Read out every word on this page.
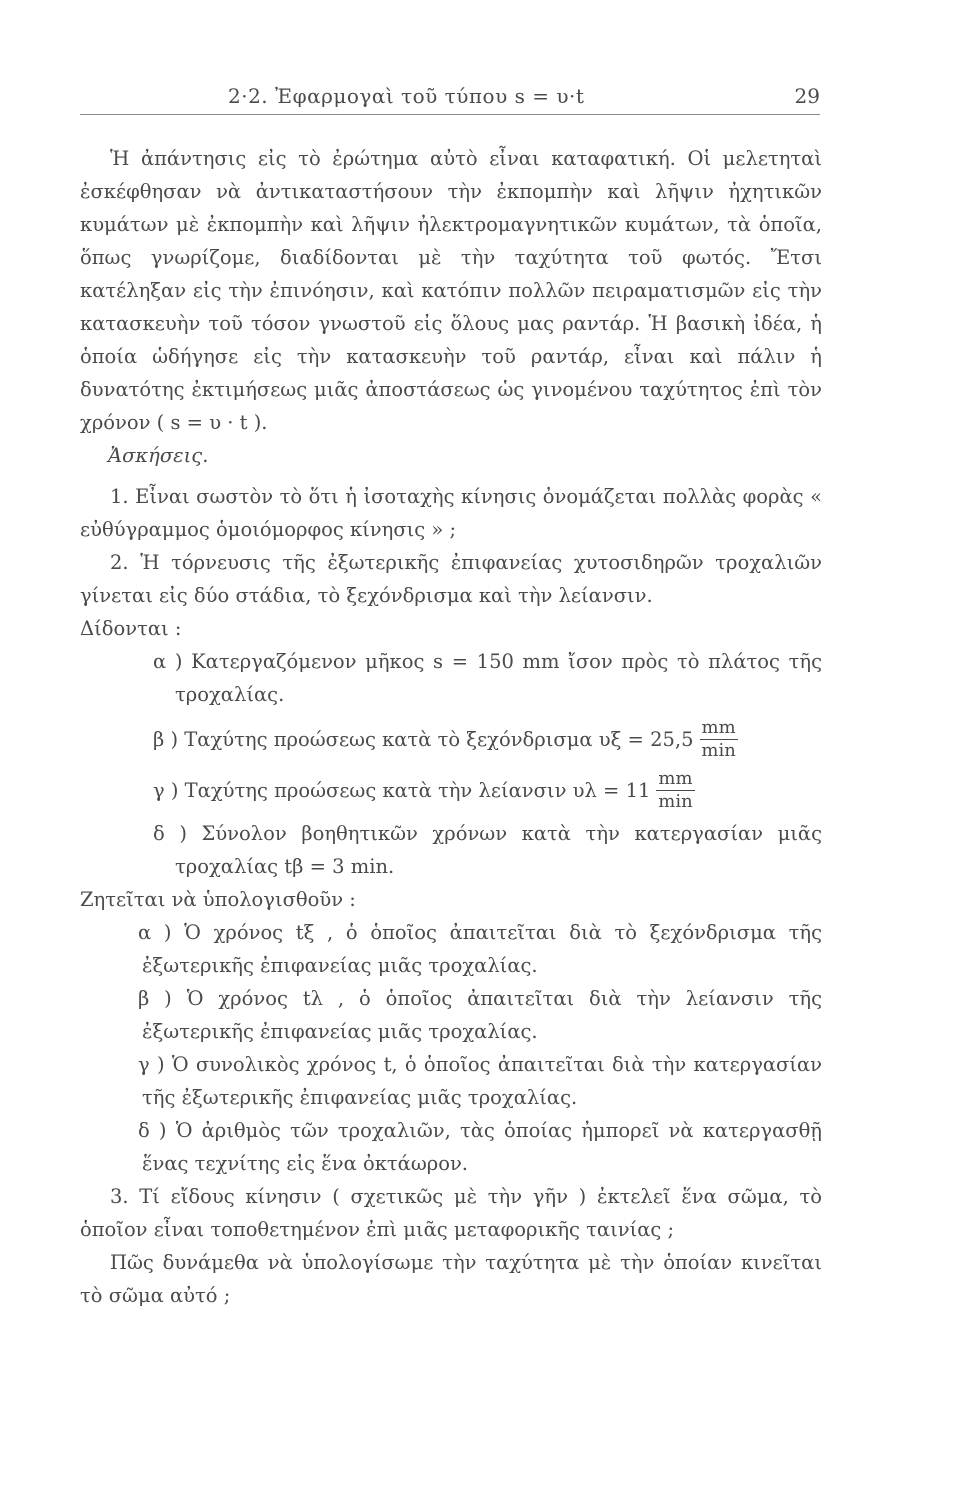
2·2. Ἐφαρμογαὶ τοῦ τύπου s = υ·t	29

Ἡ ἀπάντησις εἰς τὸ ἐρώτημα αὐτὸ εἶναι καταφατική. Οἱ μελετηταὶ ἐσκέφθησαν νὰ ἀντικαταστήσουν τὴν ἐκπομπὴν καὶ λῆψιν ἠχητικῶν κυμάτων μὲ ἐκπομπὴν καὶ λῆψιν ἠλεκτρομαγνητικῶν κυμάτων, τὰ ὁποῖα, ὅπως γνωρίζομε, διαδίδονται μὲ τὴν ταχύτητα τοῦ φωτός. Ἔτσι κατέληξαν εἰς τὴν ἐπινόησιν, καὶ κατόπιν πολλῶν πειραματισμῶν εἰς τὴν κατασκευὴν τοῦ τόσον γνωστοῦ εἰς ὅλους μας ραντάρ. Ἡ βασικὴ ἰδέα, ἡ ὁποία ὡδήγησε εἰς τὴν κατασκευὴν τοῦ ραντάρ, εἶναι καὶ πάλιν ἡ δυνατότης ἐκτιμήσεως μιᾶς ἀποστάσεως ὡς γινομένου ταχύτητος ἐπὶ τὸν χρόνον ( s = υ · t ).

Ἀσκήσεις.

1. Εἶναι σωστὸν τὸ ὅτι ἡ ἰσοταχὴς κίνησις ὀνομάζεται πολλὰς φορὰς « εὐθύγραμμος ὁμοιόμορφος κίνησις » ;

2. Ἡ τόρνευσις τῆς ἐξωτερικῆς ἐπιφανείας χυτοσιδηρῶν τροχαλιῶν γίνεται εἰς δύο στάδια, τὸ ξεχόνδρισμα καὶ τὴν λείανσιν.

Δίδονται :

α ) Κατεργαζόμενον μῆκος s = 150 mm ἴσον πρὸς τὸ πλάτος τῆς τροχαλίας.

β ) Ταχύτης προώσεως κατὰ τὸ ξεχόνδρισμα $\upsilon\xi = 25,5 \frac{mm}{\min}$
γ ) Ταχύτης προώσεως κατὰ τὴν λείανσιν $\upsilon\lambda = 11 \frac{mm}{\min}$

δ ) Σύνολον βοηθητικῶν χρόνων κατὰ τὴν κατεργασίαν μιᾶς τροχαλίας tβ = 3 min.

Ζητεῖται νὰ ὑπολογισθοῦν :

α ) Ὁ χρόνος tξ , ὁ ὁποῖος ἀπαιτεῖται διὰ τὸ ξεχόνδρισμα τῆς ἐξωτερικῆς ἐπιφανείας μιᾶς τροχαλίας.

β ) Ὁ χρόνος tλ , ὁ ὁποῖος ἀπαιτεῖται διὰ τὴν λείανσιν τῆς ἐξωτερικῆς ἐπιφανείας μιᾶς τροχαλίας.

γ ) Ὁ συνολικὸς χρόνος t, ὁ ὁποῖος ἀπαιτεῖται διὰ τὴν κατεργασίαν τῆς ἐξωτερικῆς ἐπιφανείας μιᾶς τροχαλίας.

δ ) Ὁ ἀριθμὸς τῶν τροχαλιῶν, τὰς ὁποίας ἠμπορεῖ νὰ κατεργασθῇ ἕνας τεχνίτης εἰς ἕνα ὀκτάωρον.

3. Τί εἴδους κίνησιν ( σχετικῶς μὲ τὴν γῆν ) ἐκτελεῖ ἕνα σῶμα, τὸ ὁποῖον εἶναι τοποθετημένον ἐπὶ μιᾶς μεταφορικῆς ταινίας ;

Πῶς δυνάμεθα νὰ ὑπολογίσωμε τὴν ταχύτητα μὲ τὴν ὁποίαν κινεῖται τὸ σῶμα αὐτό ;
